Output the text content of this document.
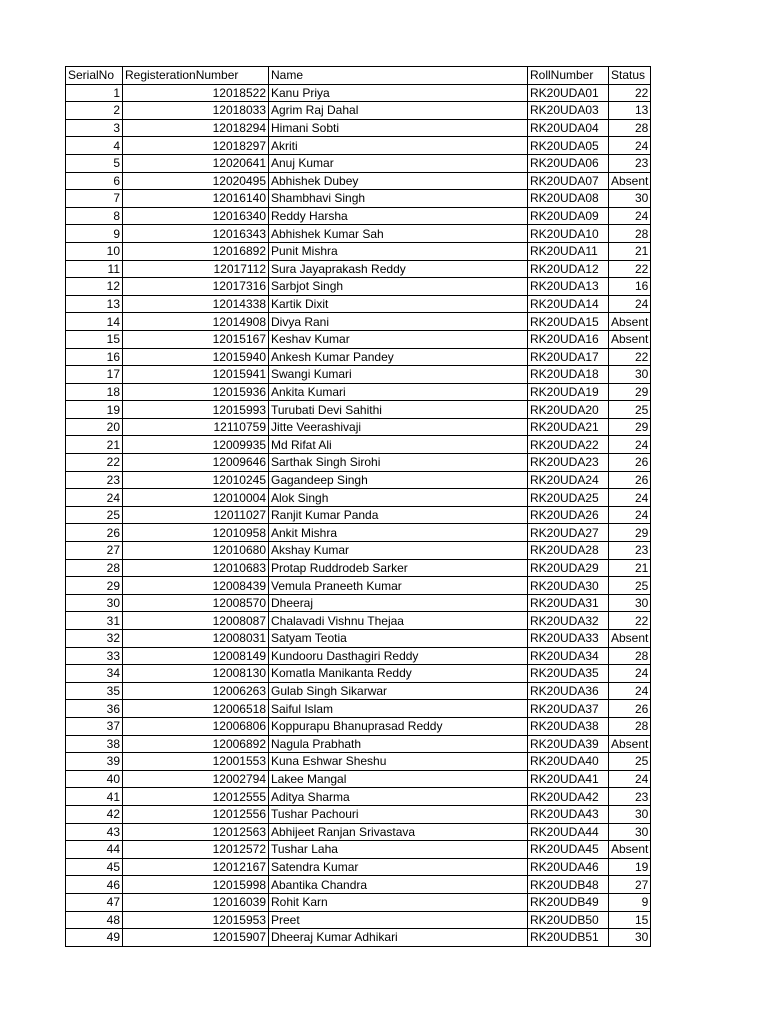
SerialNo	RegisterationNumber	Name	RollNumber	Status
1	12018522	Kanu Priya	RK20UDA01	22
2	12018033	Agrim Raj Dahal	RK20UDA03	13
3	12018294	Himani Sobti	RK20UDA04	28
4	12018297	Akriti	RK20UDA05	24
5	12020641	Anuj Kumar	RK20UDA06	23
6	12020495	Abhishek Dubey	RK20UDA07	Absent
7	12016140	Shambhavi Singh	RK20UDA08	30
8	12016340	Reddy Harsha	RK20UDA09	24
9	12016343	Abhishek Kumar Sah	RK20UDA10	28
10	12016892	Punit Mishra	RK20UDA11	21
11	12017112	Sura Jayaprakash Reddy	RK20UDA12	22
12	12017316	Sarbjot Singh	RK20UDA13	16
13	12014338	Kartik Dixit	RK20UDA14	24
14	12014908	Divya Rani	RK20UDA15	Absent
15	12015167	Keshav Kumar	RK20UDA16	Absent
16	12015940	Ankesh Kumar Pandey	RK20UDA17	22
17	12015941	Swangi Kumari	RK20UDA18	30
18	12015936	Ankita Kumari	RK20UDA19	29
19	12015993	Turubati Devi Sahithi	RK20UDA20	25
20	12110759	Jitte Veerashivaji	RK20UDA21	29
21	12009935	Md Rifat Ali	RK20UDA22	24
22	12009646	Sarthak Singh Sirohi	RK20UDA23	26
23	12010245	Gagandeep Singh	RK20UDA24	26
24	12010004	Alok Singh	RK20UDA25	24
25	12011027	Ranjit Kumar Panda	RK20UDA26	24
26	12010958	Ankit Mishra	RK20UDA27	29
27	12010680	Akshay Kumar	RK20UDA28	23
28	12010683	Protap Ruddrodeb Sarker	RK20UDA29	21
29	12008439	Vemula Praneeth Kumar	RK20UDA30	25
30	12008570	Dheeraj	RK20UDA31	30
31	12008087	Chalavadi Vishnu Thejaa	RK20UDA32	22
32	12008031	Satyam Teotia	RK20UDA33	Absent
33	12008149	Kundooru Dasthagiri Reddy	RK20UDA34	28
34	12008130	Komatla Manikanta Reddy	RK20UDA35	24
35	12006263	Gulab Singh Sikarwar	RK20UDA36	24
36	12006518	Saiful Islam	RK20UDA37	26
37	12006806	Koppurapu Bhanuprasad Reddy	RK20UDA38	28
38	12006892	Nagula Prabhath	RK20UDA39	Absent
39	12001553	Kuna Eshwar Sheshu	RK20UDA40	25
40	12002794	Lakee Mangal	RK20UDA41	24
41	12012555	Aditya Sharma	RK20UDA42	23
42	12012556	Tushar Pachouri	RK20UDA43	30
43	12012563	Abhijeet Ranjan Srivastava	RK20UDA44	30
44	12012572	Tushar Laha	RK20UDA45	Absent
45	12012167	Satendra Kumar	RK20UDA46	19
46	12015998	Abantika Chandra	RK20UDB48	27
47	12016039	Rohit Karn	RK20UDB49	9
48	12015953	Preet	RK20UDB50	15
49	12015907	Dheeraj Kumar Adhikari	RK20UDB51	30
